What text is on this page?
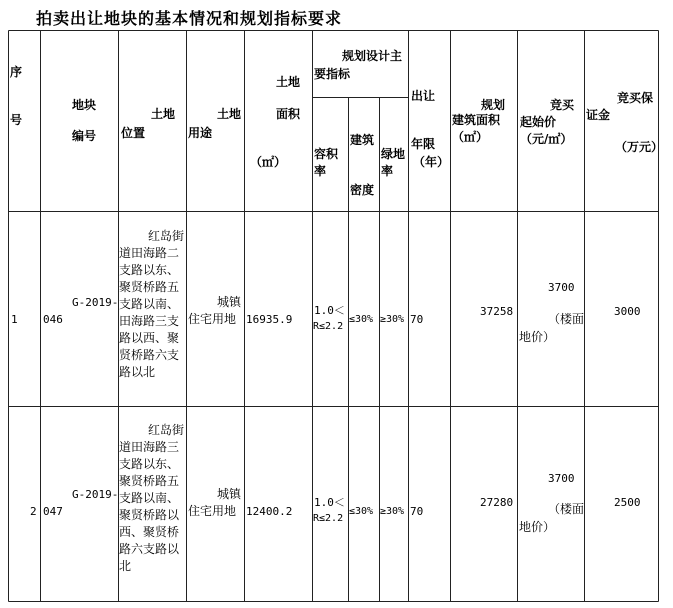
拍卖出让地块的基本情况和规划指标要求
序
号
地块
编号
土地
位置
土地
用途
土地
面积
（㎡）
规划设计主
要指标
容积
率
建筑
密度
绿地
率
出让
年限
（年）
规划
建筑面积
（㎡）
竞买
起始价
（元/㎡）
竞买保
证金
（万元）
1
G-2019-
046
红岛街道田海路二支路以东、聚贤桥路五支路以南、田海路三支路以西、聚贤桥路六支路以北
城镇
住宅用地 16935.9
1.0＜
R≤2.2
≤30% ≥30% 70
37258
3700
（楼面地价）
3000
2
G-2019-
047
红岛街道田海路三支路以东、聚贤桥路五支路以南、聚贤桥路以西、聚贤桥路六支路以北
城镇
住宅用地 12400.2
1.0＜
R≤2.2
≤30% ≥30% 70
27280
3700
（楼面地价）
2500
